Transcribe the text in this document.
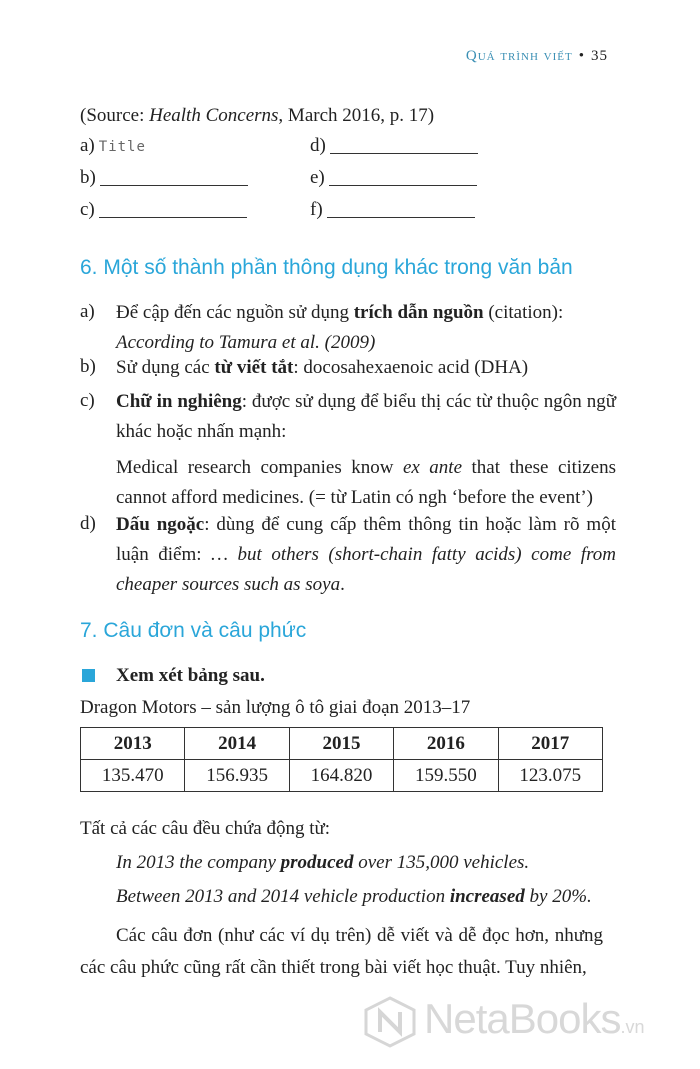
Quá trình viết • 35
(Source: Health Concerns, March 2016, p. 17)
a) Title
b)
c)
d)
e)
f)
6. Một số thành phần thông dụng khác trong văn bản
a) Để cập đến các nguồn sử dụng trích dẫn nguồn (citation):
According to Tamura et al. (2009)
b) Sử dụng các từ viết tắt: docosahexaenoic acid (DHA)
c) Chữ in nghiêng: được sử dụng để biểu thị các từ thuộc ngôn ngữ khác hoặc nhấn mạnh:
Medical research companies know ex ante that these citizens cannot afford medicines. (= từ Latin có ngh ‘before the event’)
d) Dấu ngoặc: dùng để cung cấp thêm thông tin hoặc làm rõ một luận điểm: … but others (short-chain fatty acids) come from cheaper sources such as soya.
7. Câu đơn và câu phức
Xem xét bảng sau.
Dragon Motors – sản lượng ô tô giai đoạn 2013–17
2013	2014	2015	2016	2017
135.470	156.935	164.820	159.550	123.075
Tất cả các câu đều chứa động từ:
In 2013 the company produced over 135,000 vehicles.
Between 2013 and 2014 vehicle production increased by 20%.
Các câu đơn (như các ví dụ trên) dễ viết và dễ đọc hơn, nhưng các câu phức cũng rất cần thiết trong bài viết học thuật. Tuy nhiên,
NetaBooks.vn
